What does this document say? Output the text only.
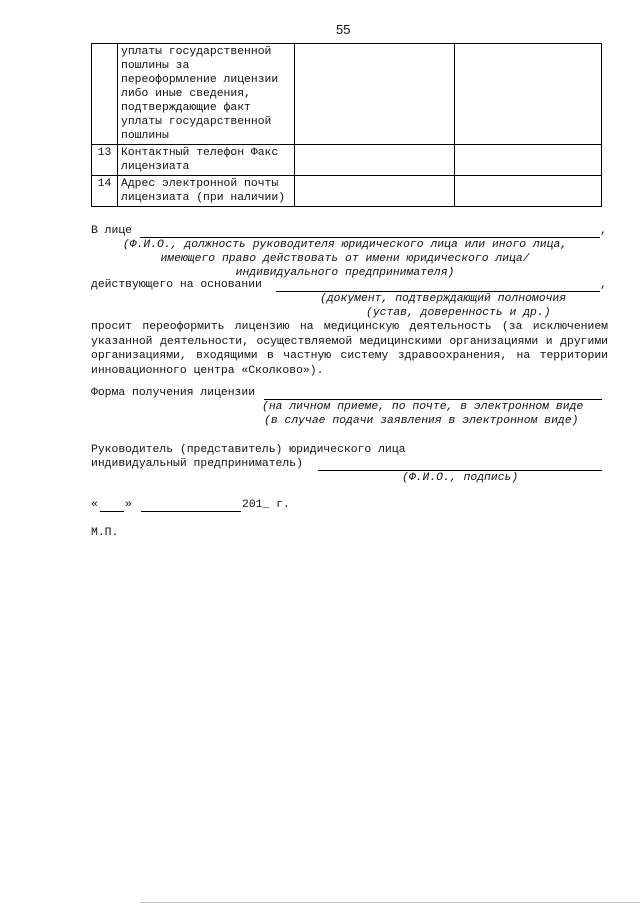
55
	уплаты государственной пошлины за переоформление лицензии либо иные сведения, подтверждающие факт уплаты государственной пошлины		
13	Контактный телефон Факс лицензиата		
14	Адрес электронной почты лицензиата (при наличии)		
В лице	,
(Ф.И.О., должность руководителя юридического лица или иного лица, имеющего право действовать от имени юридического лица/ индивидуального предпринимателя)
действующего на основании	,
(документ, подтверждающий полномочия
(устав, доверенность и др.)
просит переоформить лицензию на медицинскую деятельность (за исключением указанной деятельности, осуществляемой медицинскими организациями и другими организациями, входящими в частную систему здравоохранения, на территории инновационного центра «Сколково»).
Форма получения лицензии
(на личном приеме, по почте, в электронном виде
(в случае подачи заявления в электронном виде)
Руководитель (представитель) юридического лица
индивидуальный предприниматель)
(Ф.И.О., подпись)
« »	201_ г.
М.П.
